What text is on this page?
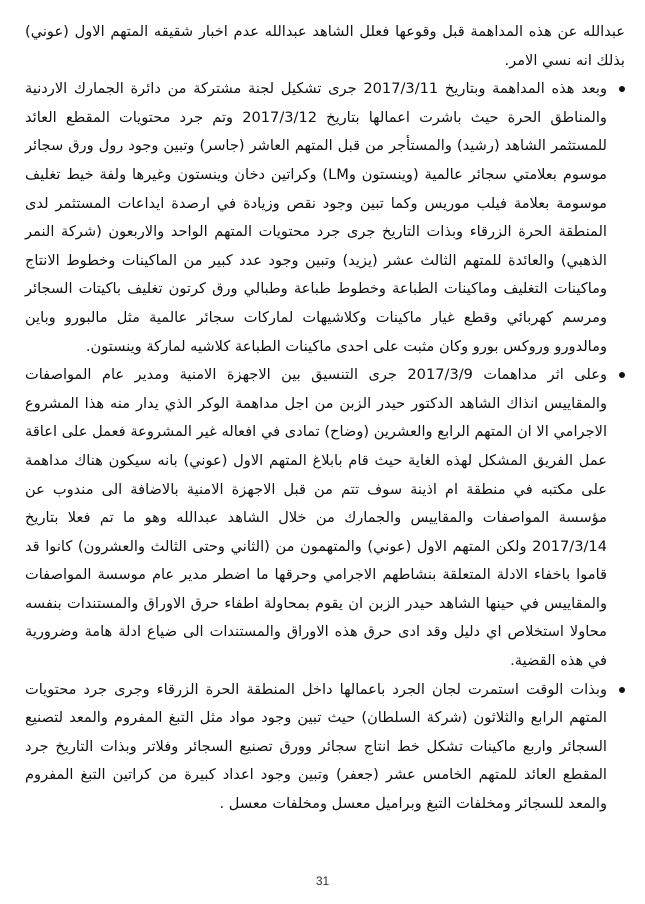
عبدالله عن هذه المداهمة قبل وقوعها فعلل الشاهد عبدالله عدم اخبار شقيقه المتهم الاول (عوني) بذلك انه نسي الامر.

وبعد هذه المداهمة وبتاريخ 2017/3/11 جرى تشكيل لجنة مشتركة من دائرة الجمارك الاردنية والمناطق الحرة حيث باشرت اعمالها بتاريخ 2017/3/12 وتم جرد محتويات المقطع العائد للمستثمر الشاهد (رشيد) والمستأجر من قبل المتهم العاشر (جاسر) وتبين وجود رول ورق سجائر موسوم بعلامتي سجائر عالمية (وينستون وLM) وكراتين دخان وينستون وغيرها ولفة خيط تغليف موسومة بعلامة فيلب موريس وكما تبين وجود نقص وزيادة في ارصدة ايداعات المستثمر لدى المنطقة الحرة الزرقاء وبذات التاريخ جرى جرد محتويات المتهم الواحد والاربعون (شركة النمر الذهبي) والعائدة للمتهم الثالث عشر (يزيد) وتبين وجود عدد كبير من الماكينات وخطوط الانتاج وماكينات التغليف وماكينات الطباعة وخطوط طباعة وطبالي ورق كرتون تغليف باكيتات السجائر ومرسم كهربائي وقطع غيار ماكينات وكلاشيهات لماركات سجائر عالمية مثل مالبورو وباين ومالدورو وروكس بورو وكان مثبت على احدى ماكينات الطباعة كلاشيه لماركة وينستون.
وعلى اثر مداهمات 2017/3/9 جرى التنسيق بين الاجهزة الامنية ومدير عام المواصفات والمقاييس انذاك الشاهد الدكتور حيدر الزبن من اجل مداهمة الوكر الذي يدار منه هذا المشروع الاجرامي الا ان المتهم الرابع والعشرين (وضاح) تمادى في افعاله غير المشروعة فعمل على اعاقة عمل الفريق المشكل لهذه الغاية حيث قام بابلاغ المتهم الاول (عوني) بانه سيكون هناك مداهمة على مكتبه في منطقة ام اذينة سوف تتم من قبل الاجهزة الامنية بالاضافة الى مندوب عن مؤسسة المواصفات والمقاييس والجمارك من خلال الشاهد عبدالله وهو ما تم فعلا بتاريخ 2017/3/14 ولكن المتهم الاول (عوني) والمتهمون من (الثاني وحتى الثالث والعشرون) كانوا قد قاموا باخفاء الادلة المتعلقة بنشاطهم الاجرامي وحرقها ما اضطر مدير عام موسسة المواصفات والمقاييس في حينها الشاهد حيدر الزبن ان يقوم بمحاولة اطفاء حرق الاوراق والمستندات بنفسه محاولا استخلاص اي دليل وقد ادى حرق هذه الاوراق والمستندات الى ضياع ادلة هامة وضرورية في هذه القضية.
وبذات الوقت استمرت لجان الجرد باعمالها داخل المنطقة الحرة الزرقاء وجرى جرد محتويات المتهم الرابع والثلاثون (شركة السلطان) حيث تبين وجود مواد مثل التبغ المفروم والمعد لتصنيع السجائر واربع ماكينات تشكل خط انتاج سجائر وورق تصنيع السجائر وفلاتر وبذات التاريخ جرد المقطع العائد للمتهم الخامس عشر (جعفر) وتبين وجود اعداد كبيرة من كراتين التبغ المفروم والمعد للسجائر ومخلفات التبغ وبراميل معسل ومخلفات معسل .
31
